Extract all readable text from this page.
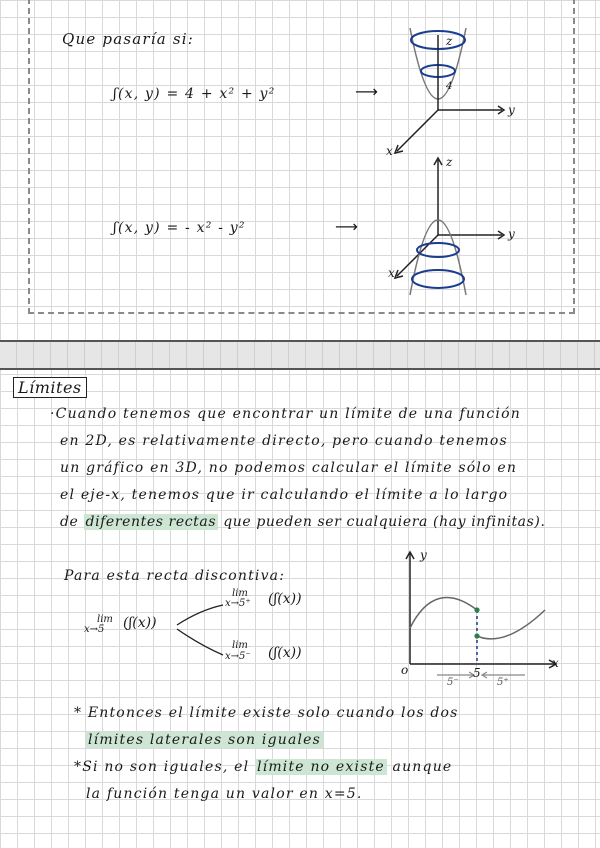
Que pasaría si:
ʃ(x, y) = 4 + x² + y²	⟶
ʃ(x, y) = - x² - y²	⟶
z
4
y
x
z
y
x
Límites
·Cuando tenemos que encontrar un límite de una función
en 2D, es relativamente directo, pero cuando tenemos
un gráfico en 3D, no podemos calcular el límite sólo en
el eje-x, tenemos que ir calculando el límite a lo largo
de diferentes rectas que pueden ser cualquiera (hay infinitas).
Para esta recta discontiva:
lim
x→5 (ʃ(x))
lim
x→5⁺ (ʃ(x))
lim
x→5⁻ (ʃ(x))
y
x
o	5
5⁻	5⁺
* Entonces el límite existe solo cuando los dos
límites laterales son iguales
*Si no son iguales, el límite no existe aunque
la función tenga un valor en x=5.
